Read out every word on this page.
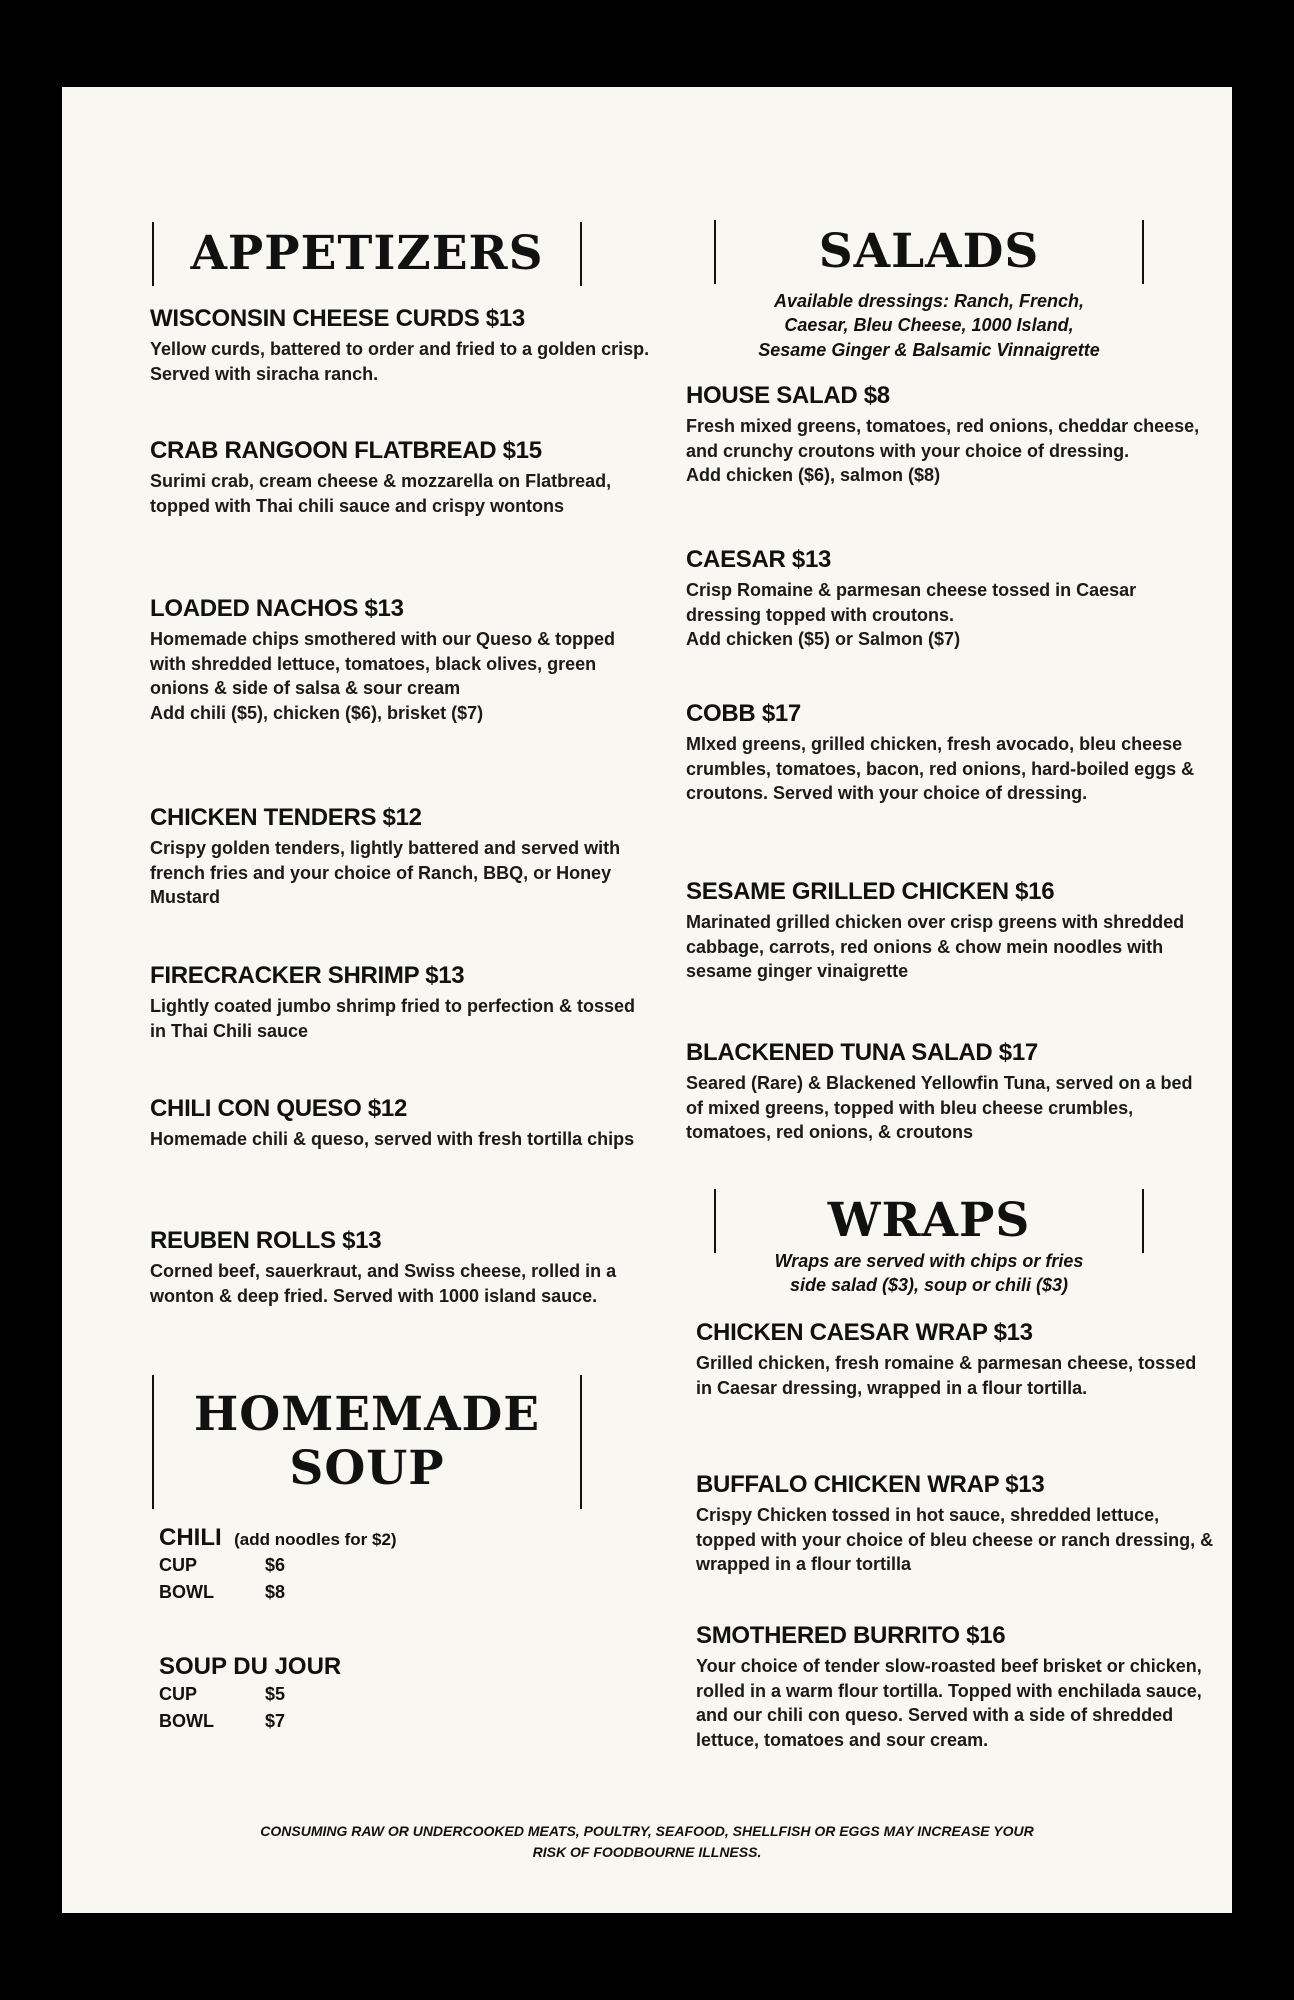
APPETIZERS
WISCONSIN CHEESE CURDS $13

Yellow curds, battered to order and fried to a golden crisp. Served with siracha ranch.

CRAB RANGOON FLATBREAD $15

Surimi crab, cream cheese & mozzarella on Flatbread, topped with Thai chili sauce and crispy wontons

LOADED NACHOS $13

Homemade chips smothered with our Queso & topped with shredded lettuce, tomatoes, black olives, green onions & side of salsa & sour cream
Add chili ($5), chicken ($6), brisket ($7)

CHICKEN TENDERS $12

Crispy golden tenders, lightly battered and served with french fries and your choice of Ranch, BBQ, or Honey Mustard

FIRECRACKER SHRIMP $13

Lightly coated jumbo shrimp fried to perfection & tossed in Thai Chili sauce

CHILI CON QUESO $12

Homemade chili & queso, served with fresh tortilla chips

REUBEN ROLLS $13

Corned beef, sauerkraut, and Swiss cheese, rolled in a wonton & deep fried. Served with 1000 island sauce.

HOMEMADE
SOUP
CHILI (add noodles for $2)
CUP	$6
BOWL	$8
SOUP DU JOUR
CUP	$5
BOWL	$7
SALADS
Available dressings: Ranch, French,
Caesar, Bleu Cheese, 1000 Island,
Sesame Ginger & Balsamic Vinnaigrette
HOUSE SALAD $8

Fresh mixed greens, tomatoes, red onions, cheddar cheese, and crunchy croutons with your choice of dressing.
Add chicken ($6), salmon ($8)

CAESAR $13

Crisp Romaine & parmesan cheese tossed in Caesar dressing topped with croutons.
Add chicken ($5) or Salmon ($7)

COBB $17

MIxed greens, grilled chicken, fresh avocado, bleu cheese crumbles, tomatoes, bacon, red onions, hard-boiled eggs & croutons. Served with your choice of dressing.

SESAME GRILLED CHICKEN $16

Marinated grilled chicken over crisp greens with shredded cabbage, carrots, red onions & chow mein noodles with sesame ginger vinaigrette

BLACKENED TUNA SALAD $17

Seared (Rare) & Blackened Yellowfin Tuna, served on a bed of mixed greens, topped with bleu cheese crumbles, tomatoes, red onions, & croutons

WRAPS
Wraps are served with chips or fries
side salad ($3), soup or chili ($3)
CHICKEN CAESAR WRAP $13

Grilled chicken, fresh romaine & parmesan cheese, tossed in Caesar dressing, wrapped in a flour tortilla.

BUFFALO CHICKEN WRAP $13

Crispy Chicken tossed in hot sauce, shredded lettuce, topped with your choice of bleu cheese or ranch dressing, & wrapped in a flour tortilla

SMOTHERED BURRITO $16

Your choice of tender slow-roasted beef brisket or chicken, rolled in a warm flour tortilla. Topped with enchilada sauce, and our chili con queso. Served with a side of shredded lettuce, tomatoes and sour cream.

CONSUMING RAW OR UNDERCOOKED MEATS, POULTRY, SEAFOOD, SHELLFISH OR EGGS MAY INCREASE YOUR
RISK OF FOODBOURNE ILLNESS.
